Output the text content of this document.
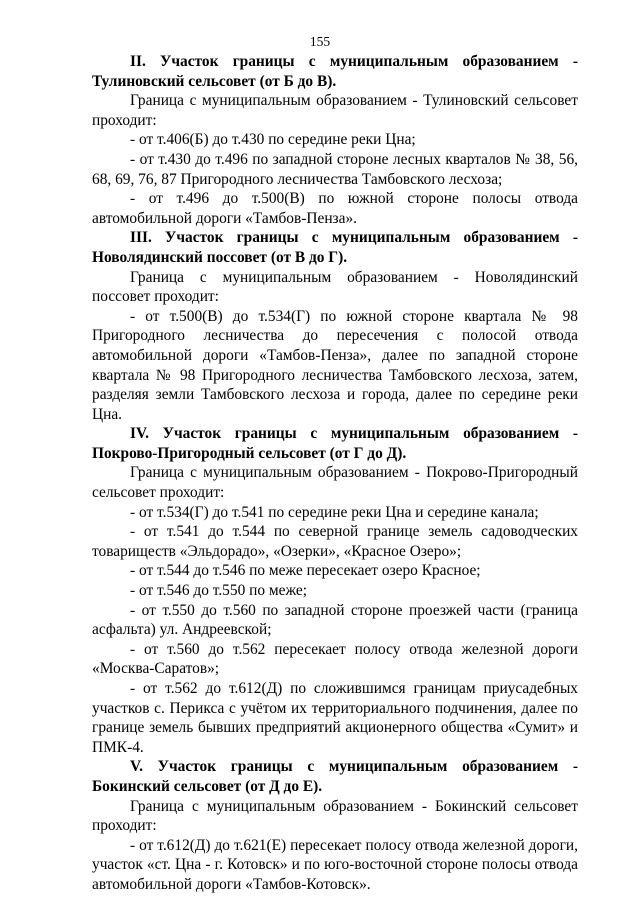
155

II. Участок границы с муниципальным образованием - Тулиновский сельсовет (от Б до В).

Граница с муниципальным образованием - Тулиновский сельсовет проходит:

- от т.406(Б) до т.430 по середине реки Цна;

- от т.430 до т.496 по западной стороне лесных кварталов № 38, 56, 68, 69, 76, 87 Пригородного лесничества Тамбовского лесхоза;

- от т.496 до т.500(В) по южной стороне полосы отвода автомобильной дороги «Тамбов-Пенза».

III. Участок границы с муниципальным образованием - Новолядинский поссовет (от В до Г).

Граница с муниципальным образованием - Новолядинский поссовет проходит:

- от т.500(В) до т.534(Г) по южной стороне квартала № 98 Пригородного лесничества до пересечения с полосой отвода автомобильной дороги «Тамбов-Пенза», далее по западной стороне квартала № 98 Пригородного лесничества Тамбовского лесхоза, затем, разделяя земли Тамбовского лесхоза и города, далее по середине реки Цна.

IV. Участок границы с муниципальным образованием - Покрово-Пригородный сельсовет (от Г до Д).

Граница с муниципальным образованием - Покрово-Пригородный сельсовет проходит:

- от т.534(Г) до т.541 по середине реки Цна и середине канала;

- от т.541 до т.544 по северной границе земель садоводческих товариществ «Эльдорадо», «Озерки», «Красное Озеро»;

- от т.544 до т.546 по меже пересекает озеро Красное;

- от т.546 до т.550 по меже;

- от т.550 до т.560 по западной стороне проезжей части (граница асфальта) ул. Андреевской;

- от т.560 до т.562 пересекает полосу отвода железной дороги «Москва-Саратов»;

- от т.562 до т.612(Д) по сложившимся границам приусадебных участков с. Перикса с учётом их территориального подчинения, далее по границе земель бывших предприятий акционерного общества «Сумит» и ПМК-4.

V. Участок границы с муниципальным образованием - Бокинский сельсовет (от Д до Е).

Граница с муниципальным образованием - Бокинский сельсовет проходит:

- от т.612(Д) до т.621(Е) пересекает полосу отвода железной дороги, участок «ст. Цна - г. Котовск» и по юго-восточной стороне полосы отвода автомобильной дороги «Тамбов-Котовск».
